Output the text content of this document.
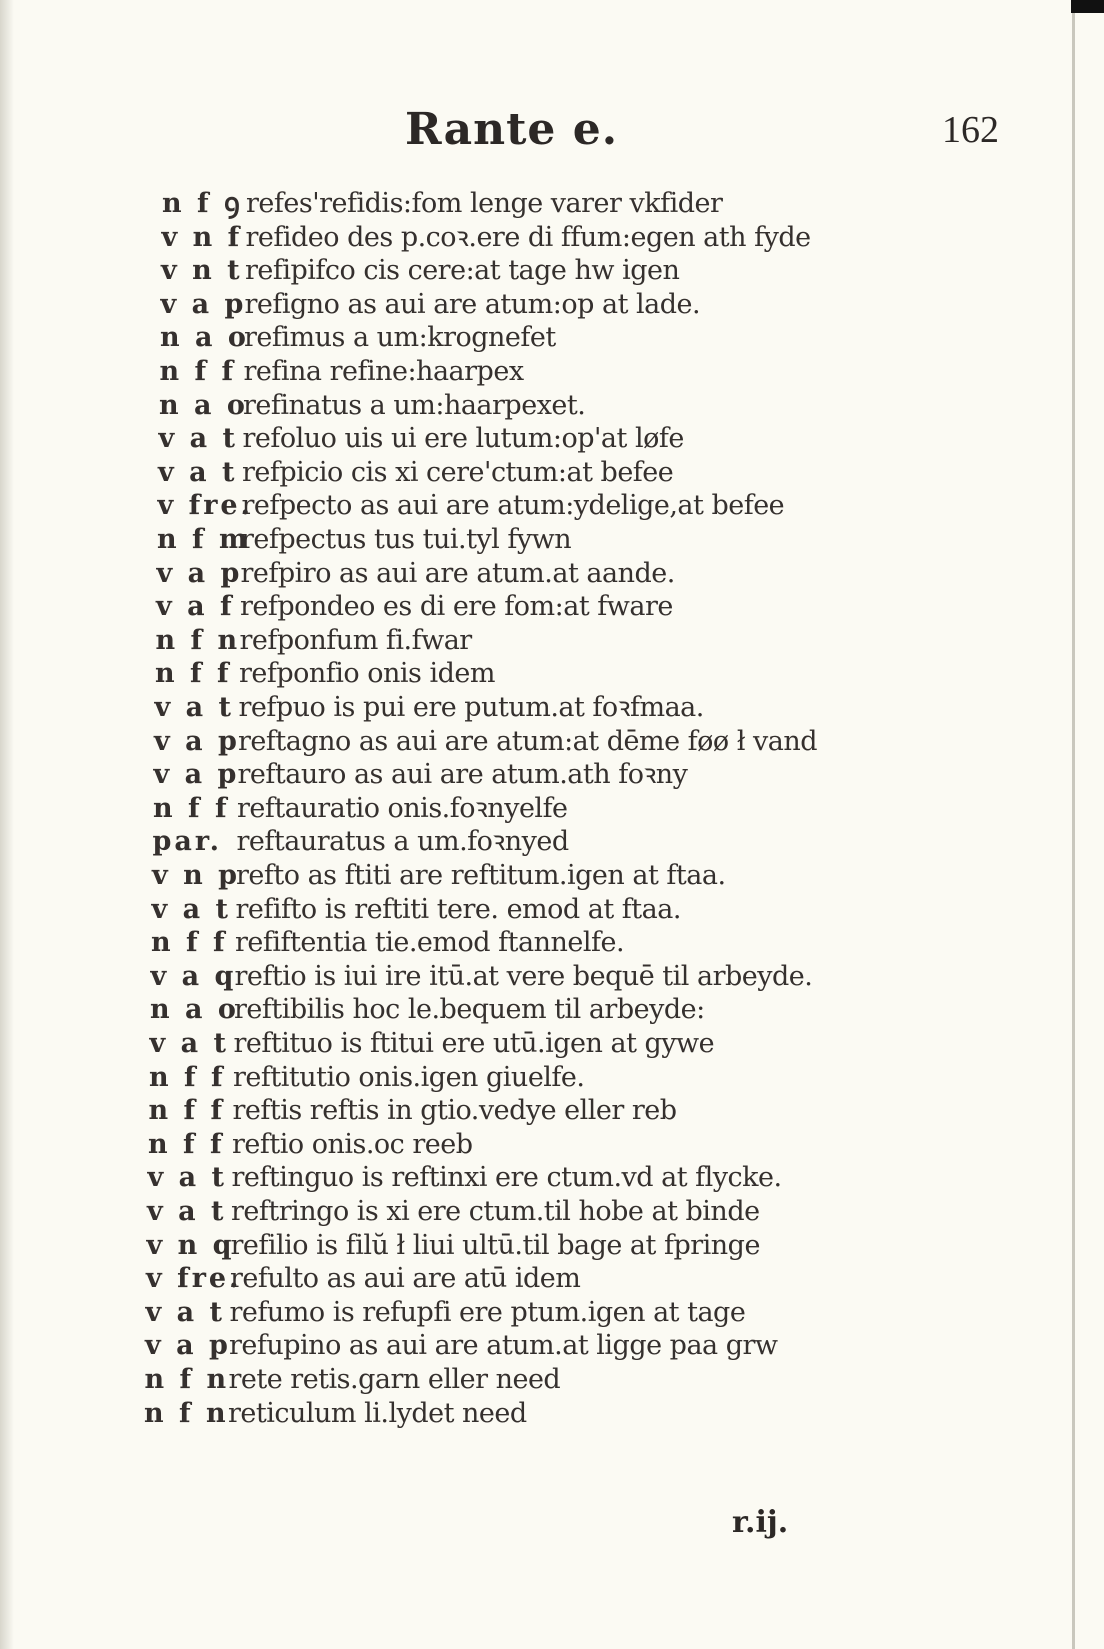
Rante e.	162
n f ꝯ refes'refidis:fom lenge varer vkfider
v n f refideo des p.coꝛ.ere di ffum:egen ath fyde
v n t refipifco cis cere:at tage hw igen
v a p
refigno as aui are atum:op at lade.
n a o
refimus a um:krognefet
n f f refina refine:haarpex
n a o
refinatus a um:haarpexet.
v a t refoluo uis ui ere lutum:op'at løfe
v a t refpicio cis xi cere'ctum:at befee
v fre.
refpecto as aui are atum:ydelige,at befee
n f m
refpectus tus tui.tyl fywn
v a p
refpiro as aui are atum.at aande.
v a f refpondeo es di ere fom:at fware
n f n refponfum fi.fwar
n f f refponfio onis idem
v a t refpuo is pui ere putum.at foꝛfmaa.
v a p
reftagno as aui are atum:at dēme føø ł vand
v a p
reftauro as aui are atum.ath foꝛny
n f f reftauratio onis.foꝛnyelfe
par. reftauratus a um.foꝛnyed
v n p
refto as ftiti are reftitum.igen at ftaa.
v a t refifto is reftiti tere. emod at ftaa.
n f f refiftentia tie.emod ftannelfe.
v a q
reftio is iui ire itū.at vere bequē til arbeyde.
n a o
reftibilis hoc le.bequem til arbeyde:
v a t reftituo is ftitui ere utū.igen at gywe
n f f reftitutio onis.igen giuelfe.
n f f reftis reftis in gtio.vedye eller reb
n f f reftio onis.oc reeb
v a t reftinguo is reftinxi ere ctum.vd at flycke.
v a t reftringo is xi ere ctum.til hobe at binde
v n q
refilio is filŭ ł liui ultū.til bage at fpringe
v fre.
refulto as aui are atū idem
v a t refumo is refupfi ere ptum.igen at tage
v a p
refupino as aui are atum.at ligge paa grw
n f n rete retis.garn eller need
n f n reticulum li.lydet need
r.ij.
